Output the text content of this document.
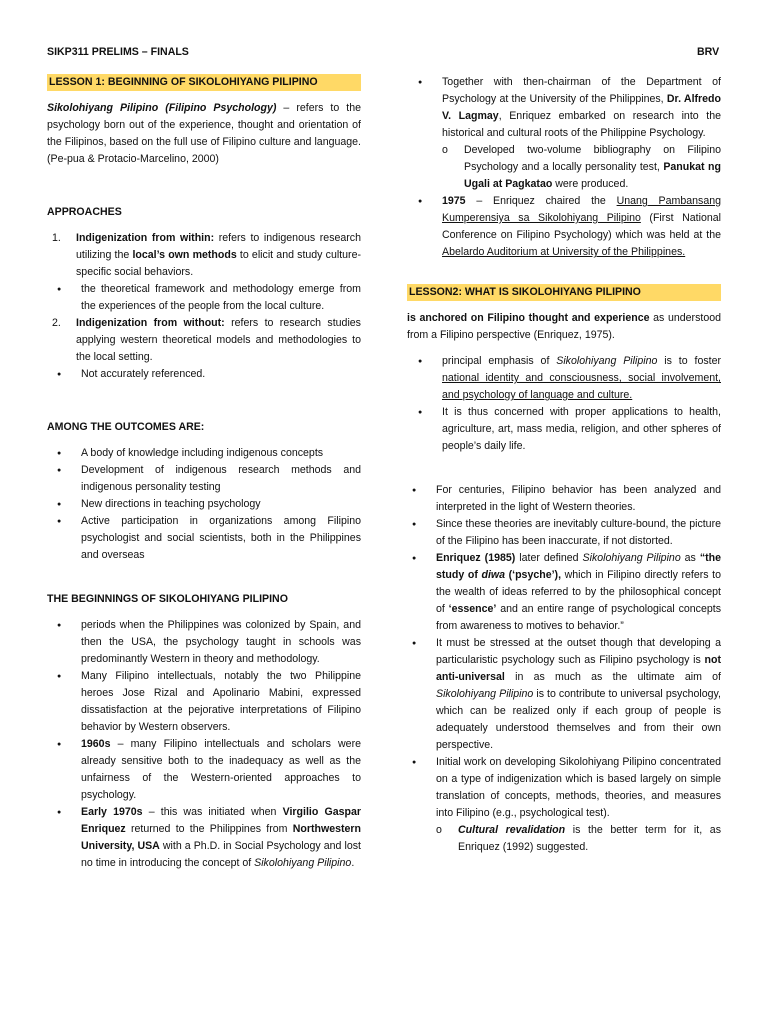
SIKP311 PRELIMS – FINALS	BRV
LESSON 1: BEGINNING OF SIKOLOHIYANG PILIPINO

Sikolohiyang Pilipino (Filipino Psychology) – refers to the psychology born out of the experience, thought and orientation of the Filipinos, based on the full use of Filipino culture and language. (Pe-pua & Protacio-Marcelino, 2000)

APPROACHES
1. Indigenization from within: refers to indigenous research utilizing the local’s own methods to elicit and study culture-specific social behaviors.
● the theoretical framework and methodology emerge from the experiences of the people from the local culture.
2. Indigenization from without: refers to research studies applying western theoretical models and methodologies to the local setting.
● Not accurately referenced.
AMONG THE OUTCOMES ARE:
● A body of knowledge including indigenous concepts
● Development of indigenous research methods and indigenous personality testing
● New directions in teaching psychology
● Active participation in organizations among Filipino psychologist and social scientists, both in the Philippines and overseas
THE BEGINNINGS OF SIKOLOHIYANG PILIPINO
● periods when the Philippines was colonized by Spain, and then the USA, the psychology taught in schools was predominantly Western in theory and methodology.
● Many Filipino intellectuals, notably the two Philippine heroes Jose Rizal and Apolinario Mabini, expressed dissatisfaction at the pejorative interpretations of Filipino behavior by Western observers.
● 1960s – many Filipino intellectuals and scholars were already sensitive both to the inadequacy as well as the unfairness of the Western-oriented approaches to psychology.
● Early 1970s – this was initiated when Virgilio Gaspar Enriquez returned to the Philippines from Northwestern University, USA with a Ph.D. in Social Psychology and lost no time in introducing the concept of Sikolohiyang Pilipino.
● Together with then-chairman of the Department of Psychology at the University of the Philippines, Dr. Alfredo V. Lagmay, Enriquez embarked on research into the historical and cultural roots of the Philippine Psychology.
o Developed two-volume bibliography on Filipino Psychology and a locally personality test, Panukat ng Ugali at Pagkatao were produced.
● 1975 – Enriquez chaired the Unang Pambansang Kumperensiya sa Sikolohiyang Pilipino (First National Conference on Filipino Psychology) which was held at the Abelardo Auditorium at University of the Philippines.
LESSON2: WHAT IS SIKOLOHIYANG PILIPINO

is anchored on Filipino thought and experience as understood from a Filipino perspective (Enriquez, 1975).

● principal emphasis of Sikolohiyang Pilipino is to foster national identity and consciousness, social involvement, and psychology of language and culture.
● It is thus concerned with proper applications to health, agriculture, art, mass media, religion, and other spheres of people’s daily life.
● For centuries, Filipino behavior has been analyzed and interpreted in the light of Western theories.
● Since these theories are inevitably culture-bound, the picture of the Filipino has been inaccurate, if not distorted.
● Enriquez (1985) later defined Sikolohiyang Pilipino as “the study of diwa (‘psyche’), which in Filipino directly refers to the wealth of ideas referred to by the philosophical concept of ‘essence’ and an entire range of psychological concepts from awareness to motives to behavior.”
● It must be stressed at the outset though that developing a particularistic psychology such as Filipino psychology is not anti-universal in as much as the ultimate aim of Sikolohiyang Pilipino is to contribute to universal psychology, which can be realized only if each group of people is adequately understood themselves and from their own perspective.
● Initial work on developing Sikolohiyang Pilipino concentrated on a type of indigenization which is based largely on simple translation of concepts, methods, theories, and measures into Filipino (e.g., psychological test).
o Cultural revalidation is the better term for it, as Enriquez (1992) suggested.
